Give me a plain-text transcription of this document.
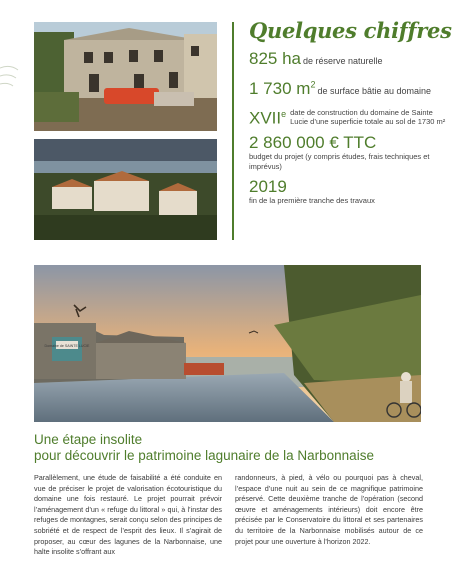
Quelques chiffres
825 ha de réserve naturelle
1 730 $m^2de$ surface bâtie au domaine
XVIIe date de construction du domaine de Sainte Lucie d’une superficie totale au sol de 1730 m²
2 860 000 € TTC
budget du projet (y compris études, frais techniques et imprévus)
2019
fin de la première tranche des travaux
Domaine de SAINTE LUCIE
Une étape insolite
pour découvrir le patrimoine lagunaire de la Narbonnaise

Parallèlement, une étude de faisabilité a été conduite en vue de préciser le projet de valorisation écotouristique du domaine une fois restauré. Le projet pourrait prévoir l’aménagement d’un « refuge du littoral » qui, à l’instar des refuges de montagnes, serait conçu selon des principes de sobriété et de respect de l’esprit des lieux. Il s’agirait de proposer, au cœur des lagunes de la Narbonnaise, une halte insolite s’offrant aux

randonneurs, à pied, à vélo ou pourquoi pas à cheval, l’espace d’une nuit au sein de ce magnifique patrimoine préservé. Cette deuxième tranche de l’opération (second œuvre et aménagements intérieurs) doit encore être précisée par le Conservatoire du littoral et ses partenaires du territoire de la Narbonnaise mobilisés autour de ce projet pour une ouverture à l’horizon 2022.
